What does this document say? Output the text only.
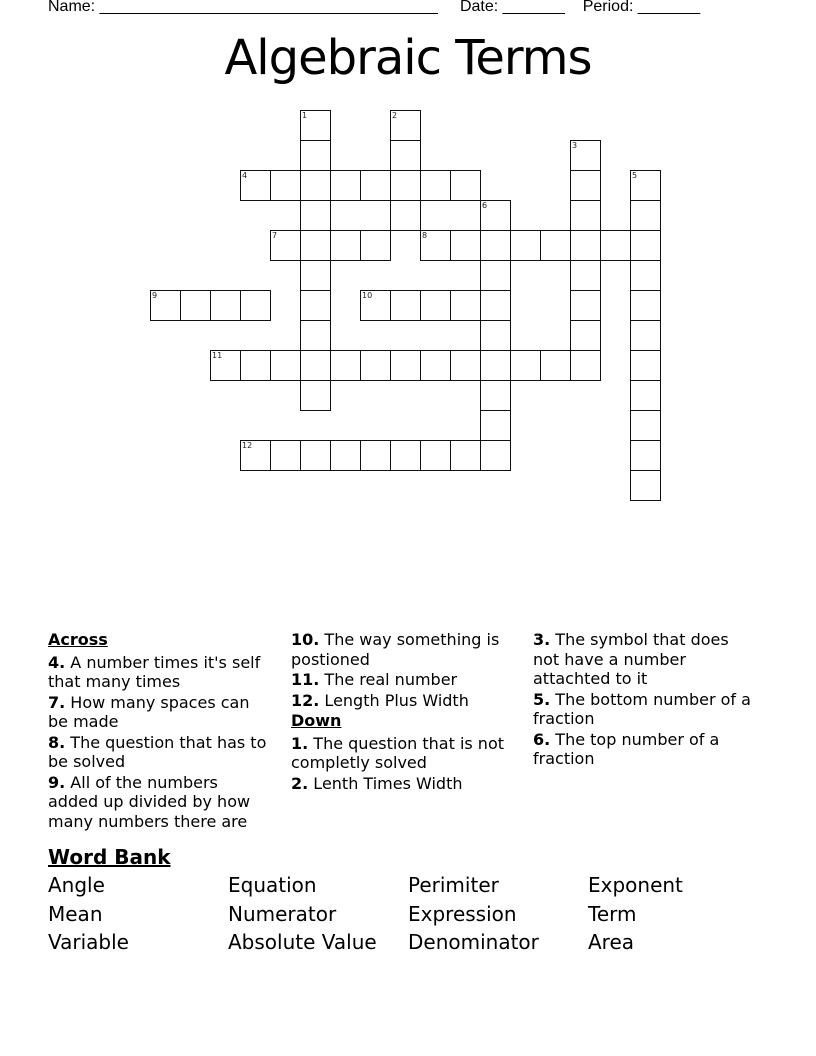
Name: ______________________________________ Date: _______ Period: _______
Algebraic Terms
1	2
3
4	5
6
7	8
9	10
11
12
Across
4. A number times it's self that many times
7. How many spaces can be made
8. The question that has to be solved
9. All of the numbers added up divided by how many numbers there are
10. The way something is postioned
11. The real number
12. Length Plus Width
Down
1. The question that is not completly solved
2. Lenth Times Width
3. The symbol that does not have a number attachted to it
5. The bottom number of a fraction
6. The top number of a fraction
Word Bank
Angle	Equation	Perimiter	Exponent
Mean	Numerator	Expression	Term
Variable	Absolute Value	Denominator	Area
